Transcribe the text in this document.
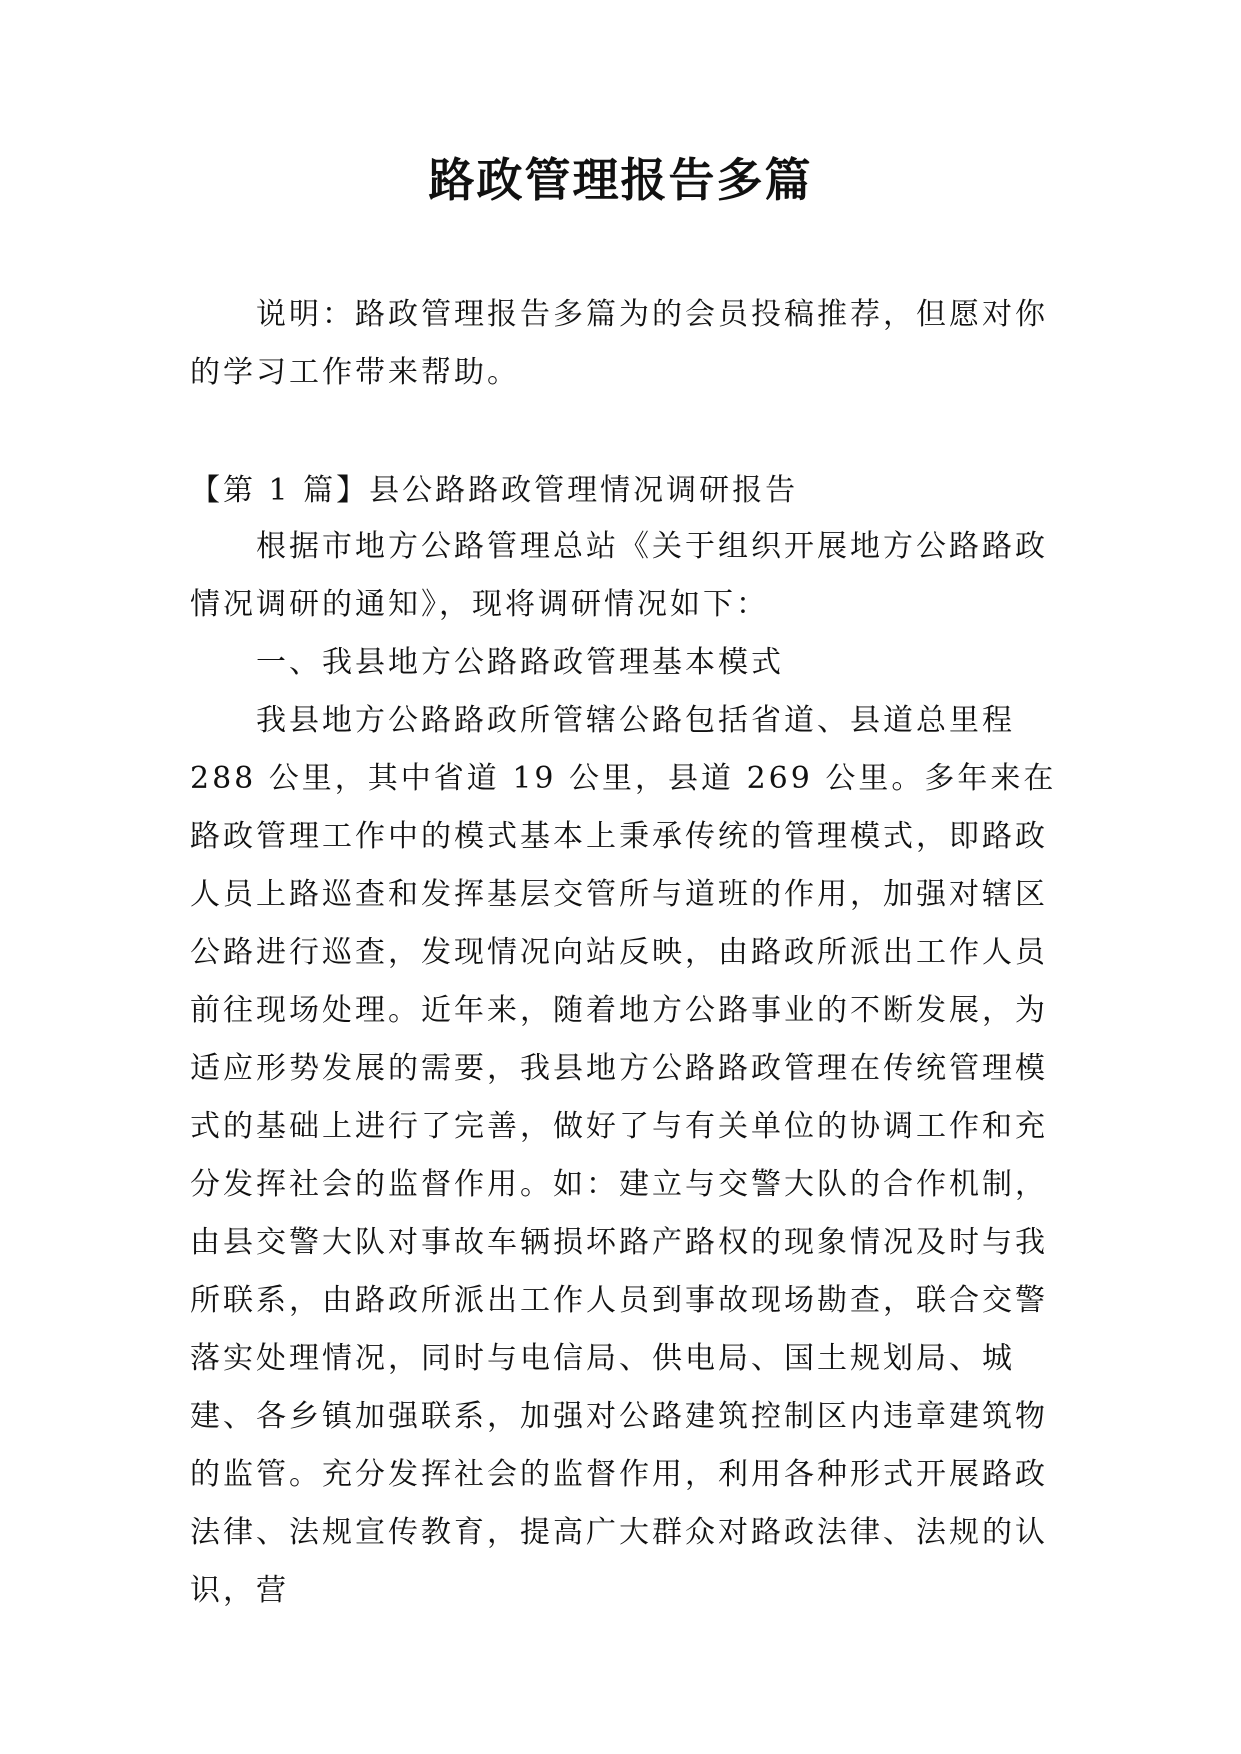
路政管理报告多篇

说明：路政管理报告多篇为的会员投稿推荐，但愿对你的学习工作带来帮助。

【第 1 篇】县公路路政管理情况调研报告

根据市地方公路管理总站《关于组织开展地方公路路政情况调研的通知》，现将调研情况如下：

一、我县地方公路路政管理基本模式

我县地方公路路政所管辖公路包括省道、县道总里程 288 公里，其中省道 19 公里，县道 269 公里。多年来在路政管理工作中的模式基本上秉承传统的管理模式，即路政人员上路巡查和发挥基层交管所与道班的作用，加强对辖区公路进行巡查，发现情况向站反映，由路政所派出工作人员前往现场处理。近年来，随着地方公路事业的不断发展，为适应形势发展的需要，我县地方公路路政管理在传统管理模式的基础上进行了完善，做好了与有关单位的协调工作和充分发挥社会的监督作用。如：建立与交警大队的合作机制，由县交警大队对事故车辆损坏路产路权的现象情况及时与我所联系，由路政所派出工作人员到事故现场勘查，联合交警落实处理情况，同时与电信局、供电局、国土规划局、城建、各乡镇加强联系，加强对公路建筑控制区内违章建筑物的监管。充分发挥社会的监督作用，利用各种形式开展路政法律、法规宣传教育，提高广大群众对路政法律、法规的认识，营
